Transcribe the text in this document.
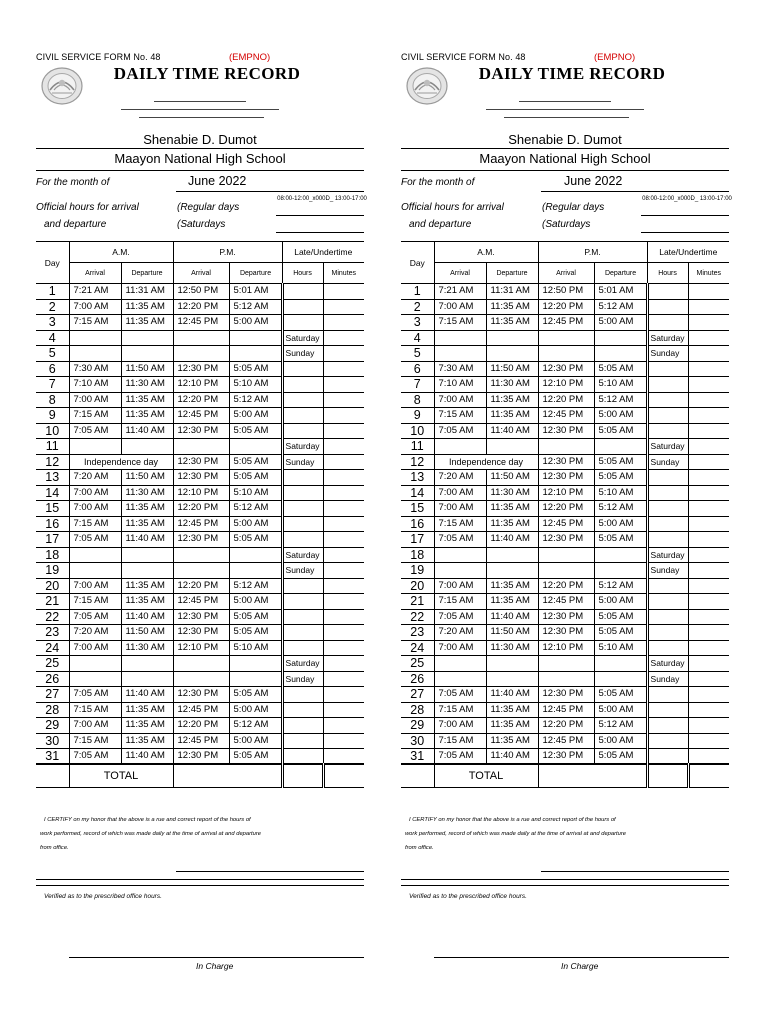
CIVIL SERVICE FORM No. 48	(EMPNO)
DAILY TIME RECORD
Shenabie D. Dumot
Maayon National High School
For the month of	June 2022
Official hours for arrival
and departure
(Regular days
(Saturdays
08:00-12:00_x000D_ 13:00-17:00
Day	A.M.		P.M.		Late/Undertime	
	Arrival	Departure	Arrival	Departure	Hours	Minutes
1	7:21 AM	11:31 AM	12:50 PM	5:01 AM		
2	7:00 AM	11:35 AM	12:20 PM	5:12 AM		
3	7:15 AM	11:35 AM	12:45 PM	5:00 AM		
4					Saturday	
5					Sunday	
6	7:30 AM	11:50 AM	12:30 PM	5:05 AM		
7	7:10 AM	11:30 AM	12:10 PM	5:10 AM		
8	7:00 AM	11:35 AM	12:20 PM	5:12 AM		
9	7:15 AM	11:35 AM	12:45 PM	5:00 AM		
10	7:05 AM	11:40 AM	12:30 PM	5:05 AM		
11					Saturday	
12	Independence day		12:30 PM	5:05 AM	Sunday	
13	7:20 AM	11:50 AM	12:30 PM	5:05 AM		
14	7:00 AM	11:30 AM	12:10 PM	5:10 AM		
15	7:00 AM	11:35 AM	12:20 PM	5:12 AM		
16	7:15 AM	11:35 AM	12:45 PM	5:00 AM		
17	7:05 AM	11:40 AM	12:30 PM	5:05 AM		
18					Saturday	
19					Sunday	
20	7:00 AM	11:35 AM	12:20 PM	5:12 AM		
21	7:15 AM	11:35 AM	12:45 PM	5:00 AM		
22	7:05 AM	11:40 AM	12:30 PM	5:05 AM		
23	7:20 AM	11:50 AM	12:30 PM	5:05 AM		
24	7:00 AM	11:30 AM	12:10 PM	5:10 AM		
25					Saturday	
26					Sunday	
27	7:05 AM	11:40 AM	12:30 PM	5:05 AM		
28	7:15 AM	11:35 AM	12:45 PM	5:00 AM		
29	7:00 AM	11:35 AM	12:20 PM	5:12 AM		
30	7:15 AM	11:35 AM	12:45 PM	5:00 AM		
31	7:05 AM	11:40 AM	12:30 PM	5:05 AM		
	TOTAL					
I CERTIFY on my honor that the above is a rue and correct report of the hours of
work performed, record of which was made daily at the time of arrival at and departure
from office.
Verified as to the prescribed office hours.
In Charge
CIVIL SERVICE FORM No. 48	(EMPNO)
DAILY TIME RECORD
Shenabie D. Dumot
Maayon National High School
For the month of	June 2022
Official hours for arrival
and departure
(Regular days
(Saturdays
08:00-12:00_x000D_ 13:00-17:00
Day	A.M.		P.M.		Late/Undertime	
	Arrival	Departure	Arrival	Departure	Hours	Minutes
1	7:21 AM	11:31 AM	12:50 PM	5:01 AM		
2	7:00 AM	11:35 AM	12:20 PM	5:12 AM		
3	7:15 AM	11:35 AM	12:45 PM	5:00 AM		
4					Saturday	
5					Sunday	
6	7:30 AM	11:50 AM	12:30 PM	5:05 AM		
7	7:10 AM	11:30 AM	12:10 PM	5:10 AM		
8	7:00 AM	11:35 AM	12:20 PM	5:12 AM		
9	7:15 AM	11:35 AM	12:45 PM	5:00 AM		
10	7:05 AM	11:40 AM	12:30 PM	5:05 AM		
11					Saturday	
12	Independence day		12:30 PM	5:05 AM	Sunday	
13	7:20 AM	11:50 AM	12:30 PM	5:05 AM		
14	7:00 AM	11:30 AM	12:10 PM	5:10 AM		
15	7:00 AM	11:35 AM	12:20 PM	5:12 AM		
16	7:15 AM	11:35 AM	12:45 PM	5:00 AM		
17	7:05 AM	11:40 AM	12:30 PM	5:05 AM		
18					Saturday	
19					Sunday	
20	7:00 AM	11:35 AM	12:20 PM	5:12 AM		
21	7:15 AM	11:35 AM	12:45 PM	5:00 AM		
22	7:05 AM	11:40 AM	12:30 PM	5:05 AM		
23	7:20 AM	11:50 AM	12:30 PM	5:05 AM		
24	7:00 AM	11:30 AM	12:10 PM	5:10 AM		
25					Saturday	
26					Sunday	
27	7:05 AM	11:40 AM	12:30 PM	5:05 AM		
28	7:15 AM	11:35 AM	12:45 PM	5:00 AM		
29	7:00 AM	11:35 AM	12:20 PM	5:12 AM		
30	7:15 AM	11:35 AM	12:45 PM	5:00 AM		
31	7:05 AM	11:40 AM	12:30 PM	5:05 AM		
	TOTAL					
I CERTIFY on my honor that the above is a rue and correct report of the hours of
work performed, record of which was made daily at the time of arrival at and departure
from office.
Verified as to the prescribed office hours.
In Charge
